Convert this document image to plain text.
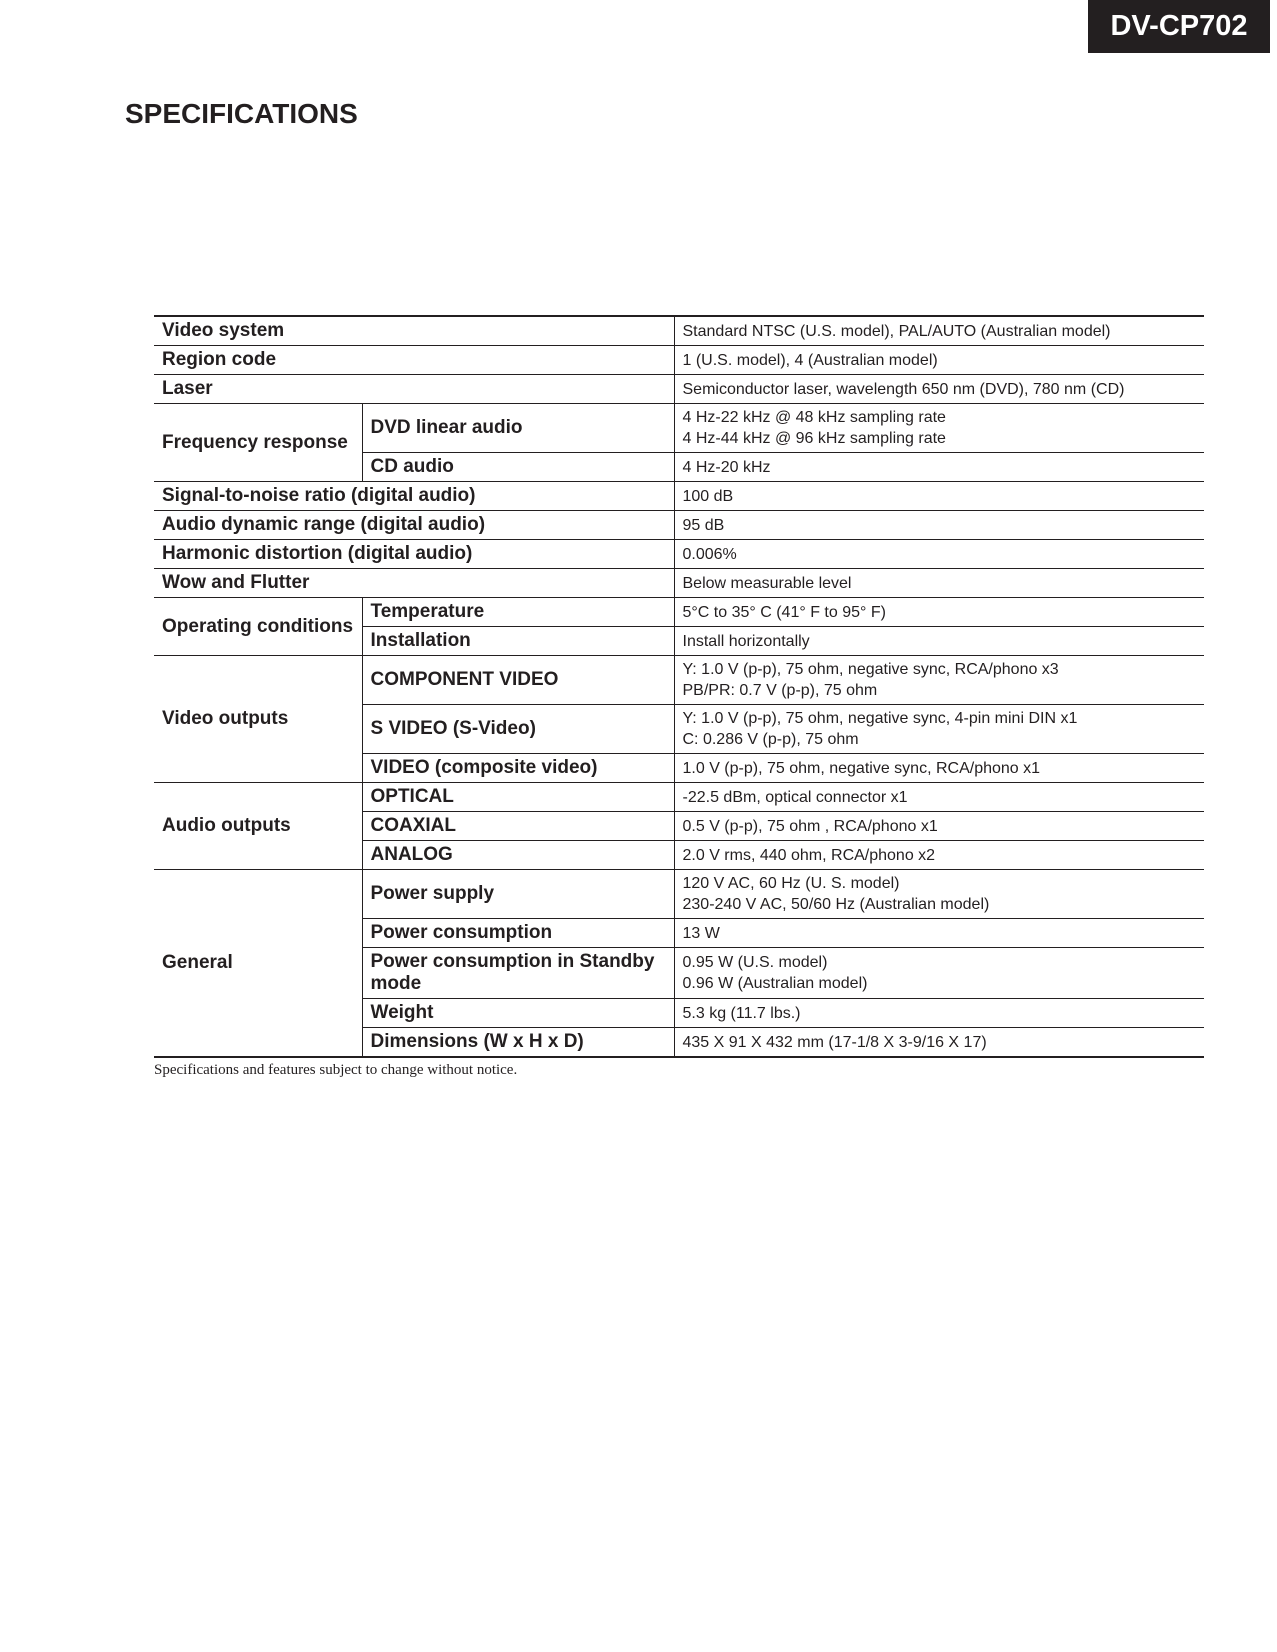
DV-CP702
SPECIFICATIONS
Video system		Standard NTSC (U.S. model), PAL/AUTO (Australian model)
Region code		1 (U.S. model), 4 (Australian model)
Laser		Semiconductor laser, wavelength 650 nm (DVD), 780 nm (CD)
Frequency response	DVD linear audio	4 Hz-22 kHz @ 48 kHz sampling rate
4 Hz-44 kHz @ 96 kHz sampling rate

	CD audio	4 Hz-20 kHz
Signal-to-noise ratio (digital audio)		100 dB
Audio dynamic range (digital audio)		95 dB
Harmonic distortion (digital audio)		0.006%
Wow and Flutter		Below measurable level
Operating conditions	Temperature	5°C to 35° C (41° F to 95° F)
	Installation	Install horizontally
Video outputs	COMPONENT VIDEO	Y: 1.0 V (p-p), 75 ohm, negative sync, RCA/phono x3
PB/PR: 0.7 V (p-p), 75 ohm

	S VIDEO (S-Video)	Y: 1.0 V (p-p), 75 ohm, negative sync, 4-pin mini DIN x1
C: 0.286 V (p-p), 75 ohm

	VIDEO (composite video)	1.0 V (p-p), 75 ohm, negative sync, RCA/phono x1
Audio outputs	OPTICAL	-22.5 dBm, optical connector x1
	COAXIAL	0.5 V (p-p), 75 ohm , RCA/phono x1
	ANALOG	2.0 V rms, 440 ohm, RCA/phono x2
General	Power supply	120 V AC, 60 Hz (U. S. model)
230-240 V AC, 50/60 Hz (Australian model)

	Power consumption	13 W
	Power consumption in Standby mode	0.95 W (U.S. model)
0.96 W (Australian model)

	Weight	5.3 kg (11.7 lbs.)
	Dimensions (W x H x D)	435 X 91 X 432 mm (17-1/8 X 3-9/16 X 17)

Specifications and features subject to change without notice.
